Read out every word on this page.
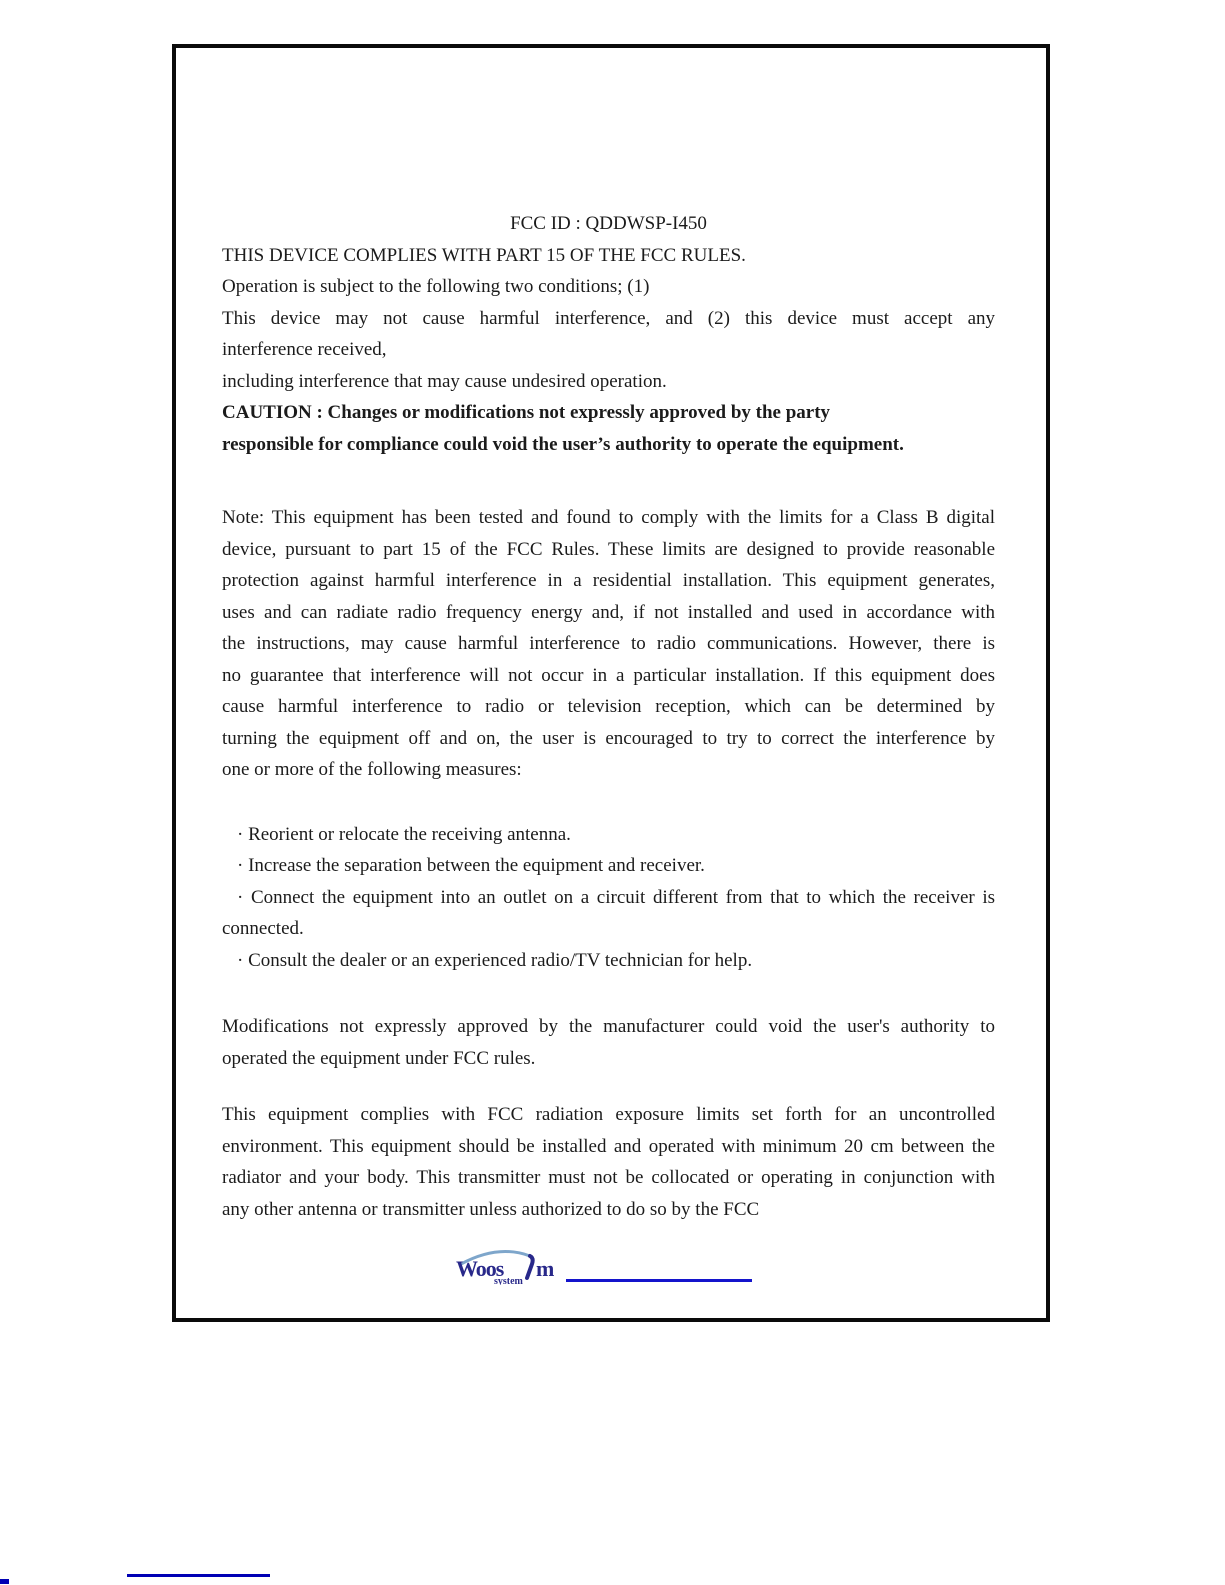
FCC ID : QDDWSP-I450
THIS DEVICE COMPLIES WITH PART 15 OF THE FCC RULES.
Operation is subject to the following two conditions; (1)
This device may not cause harmful interference, and (2) this device must accept any
interference received,
including interference that may cause undesired operation.
CAUTION : Changes or modifications not expressly approved by the party
responsible for compliance could void the user’s authority to operate the equipment.
Note: This equipment has been tested and found to comply with the limits for a Class B digital
device, pursuant to part 15 of the FCC Rules. These limits are designed to provide reasonable
protection against harmful interference in a residential installation. This equipment generates,
uses and can radiate radio frequency energy and, if not installed and used in accordance with
the instructions, may cause harmful interference to radio communications. However, there is
no guarantee that interference will not occur in a particular installation. If this equipment does
cause harmful interference to radio or television reception, which can be determined by
turning the equipment off and on, the user is encouraged to try to correct the interference by
one or more of the following measures:
· Reorient or relocate the receiving antenna.
· Increase the separation between the equipment and receiver.
· Connect the equipment into an outlet on a circuit different from that to which the receiver is
connected.
· Consult the dealer or an experienced radio/TV technician for help.
Modifications not expressly approved by the manufacturer could void the user's authority to
operated the equipment under FCC rules.
This equipment complies with FCC radiation exposure limits set forth for an uncontrolled
environment. This equipment should be installed and operated with minimum 20 cm between the
radiator and your body. This transmitter must not be collocated or operating in conjunction with
any other antenna or transmitter unless authorized to do so by the FCC
Woos m
system
